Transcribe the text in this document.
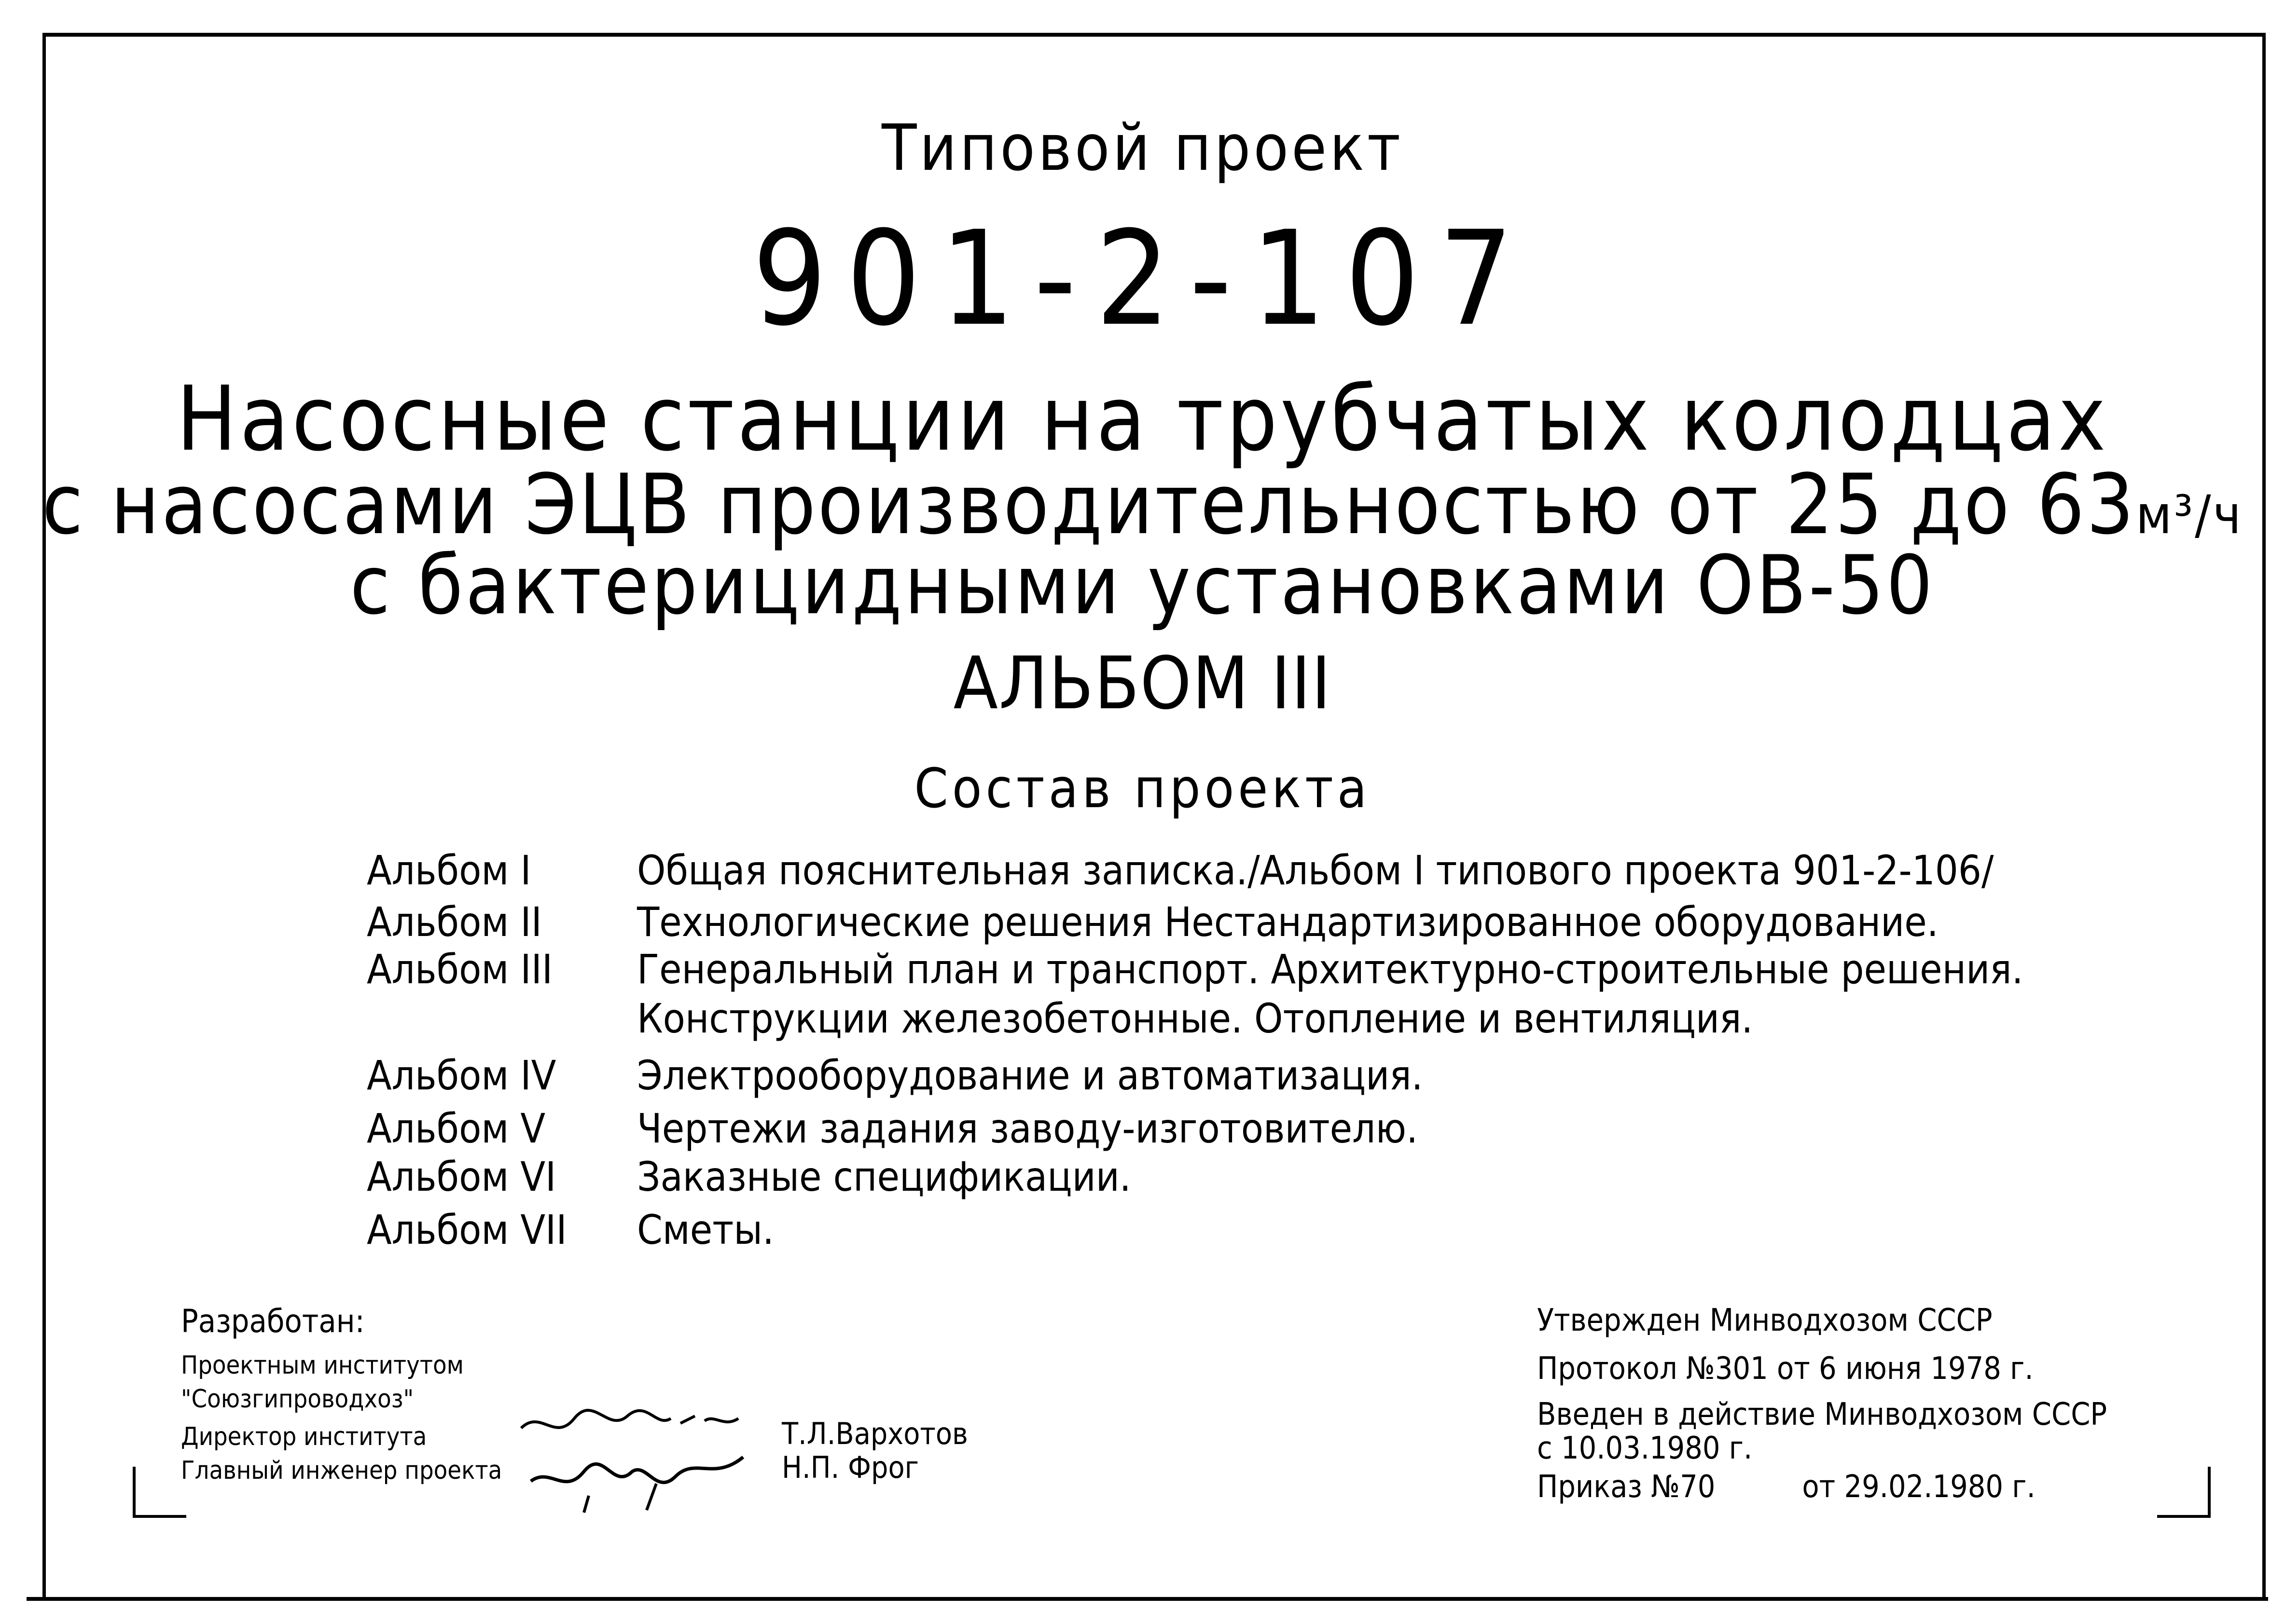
Типовой проект
901-2-107
Насосные станции на трубчатых колодцах
с насосами ЭЦВ производительностью от 25 до 63м³/ч
с бактерицидными установками ОВ-50
АЛЬБОМ III
Состав проекта
Альбом I	Общая пояснительная записка./Альбом I типового проекта 901-2-106/
Альбом II Технологические решения Нестандартизированное оборудование.
Альбом III Генеральный план и транспорт. Архитектурно-строительные решения.
Конструкции железобетонные. Отопление и вентиляция.
Альбом IV Электрооборудование и автоматизация.
Альбом V Чертежи задания заводу-изготовителю.
Альбом VI Заказные спецификации.
Альбом VII Сметы.
Разработан:
Проектным институтом
"Союзгипроводхоз"
Директор института
Главный инженер проекта
Т.Л.Вархотов
Н.П. Фрог
Утвержден Минводхозом СССР
Протокол №301 от 6 июня 1978 г.
Введен в действие Минводхозом СССР
с 10.03.1980 г.
Приказ №70	от 29.02.1980 г.
